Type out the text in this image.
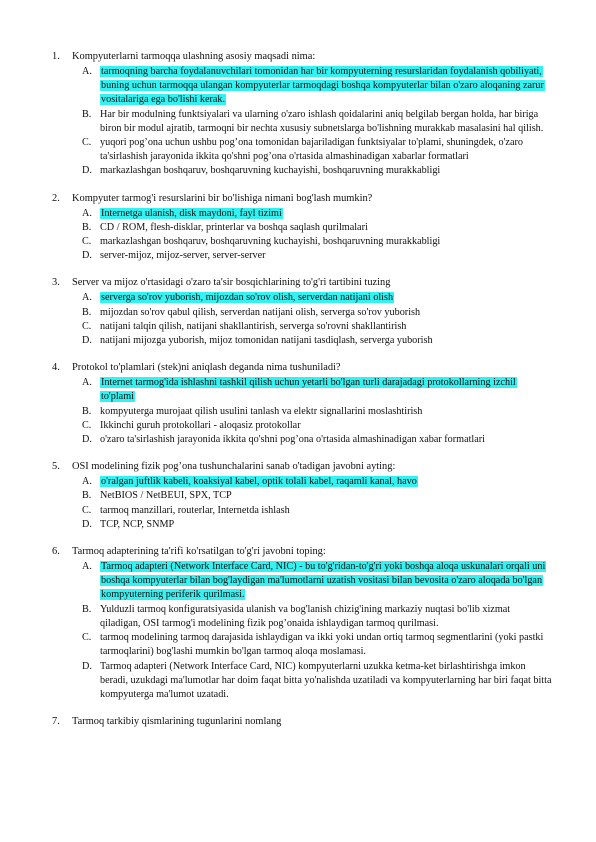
1.	Kompyuterlarni tarmoqqa ulashning asosiy maqsadi nima:
A. tarmoqning barcha foydalanuvchilari tomonidan har bir kompyuterning resurslaridan foydalanish qobiliyati, buning uchun tarmoqqa ulangan kompyuterlar tarmoqdagi boshqa kompyuterlar bilan o'zaro aloqaning zarur vositalariga ega bo'lishi kerak.
B. Har bir modulning funktsiyalari va ularning o'zaro ishlash qoidalarini aniq belgilab bergan holda, har biriga biron bir modul ajratib, tarmoqni bir nechta xususiy subnetslarga bo'lishning murakkab masalasini hal qilish.
C. yuqori pog’ona uchun ushbu pog’ona tomonidan bajariladigan funktsiyalar to'plami, shuningdek, o'zaro ta'sirlashish jarayonida ikkita qo'shni pog’ona o'rtasida almashinadigan xabarlar formatlari
D. markazlashgan boshqaruv, boshqaruvning kuchayishi, boshqaruvning murakkabligi
2.	Kompyuter tarmog'i resurslarini bir bo'lishiga nimani bog'lash mumkin?
A. Internetga ulanish, disk maydoni, fayl tizimi
B. CD / ROM, flesh-disklar, printerlar va boshqa saqlash qurilmalari
C. markazlashgan boshqaruv, boshqaruvning kuchayishi, boshqaruvning murakkabligi
D. server-mijoz, mijoz-server, server-server
3.	Server va mijoz o'rtasidagi o'zaro ta'sir bosqichlarining to'g'ri tartibini tuzing
A. serverga so'rov yuborish, mijozdan so'rov olish, serverdan natijani olish
B. mijozdan so'rov qabul qilish, serverdan natijani olish, serverga so'rov yuborish
C. natijani talqin qilish, natijani shakllantirish, serverga so'rovni shakllantirish
D. natijani mijozga yuborish, mijoz tomonidan natijani tasdiqlash, serverga yuborish
4.	Protokol to'plamlari (stek)ni aniqlash deganda nima tushuniladi?
A. Internet tarmog'ida ishlashni tashkil qilish uchun yetarli bo'lgan turli darajadagi protokollarning izchil to'plami
B. kompyuterga murojaat qilish usulini tanlash va elektr signallarini moslashtirish
C. Ikkinchi guruh protokollari - aloqasiz protokollar
D. o'zaro ta'sirlashish jarayonida ikkita qo'shni pog’ona o'rtasida almashinadigan xabar formatlari
5.	OSI modelining fizik pog’ona tushunchalarini sanab o'tadigan javobni ayting:
A. o'ralgan juftlik kabeli, koaksiyal kabel, optik tolali kabel, raqamli kanal, havo
B. NetBIOS / NetBEUI, SPX, TCP
C. tarmoq manzillari, routerlar, Internetda ishlash
D. TCP, NCP, SNMP
6.	Tarmoq adapterining ta'rifi ko'rsatilgan to'g'ri javobni toping:
A. Tarmoq adapteri (Network Interface Card, NIC) - bu to'g'ridan-to'g'ri yoki boshqa aloqa uskunalari orqali uni boshqa kompyuterlar bilan bog'laydigan ma'lumotlarni uzatish vositasi bilan bevosita o'zaro aloqada bo'lgan kompyuterning periferik qurilmasi.
B. Yulduzli tarmoq konfiguratsiyasida ulanish va bog'lanish chizig'ining markaziy nuqtasi bo'lib xizmat qiladigan, OSI tarmog'i modelining fizik pog’onaida ishlaydigan tarmoq qurilmasi.
C. tarmoq modelining tarmoq darajasida ishlaydigan va ikki yoki undan ortiq tarmoq segmentlarini (yoki pastki tarmoqlarini) bog'lashi mumkin bo'lgan tarmoq aloqa moslamasi.
D. Tarmoq adapteri (Network Interface Card, NIC) kompyuterlarni uzukka ketma-ket birlashtirishga imkon beradi, uzukdagi ma'lumotlar har doim faqat bitta yo'nalishda uzatiladi va kompyuterlarning har biri faqat bitta kompyuterga ma'lumot uzatadi.
7.	Tarmoq tarkibiy qismlarining tugunlarini nomlang
